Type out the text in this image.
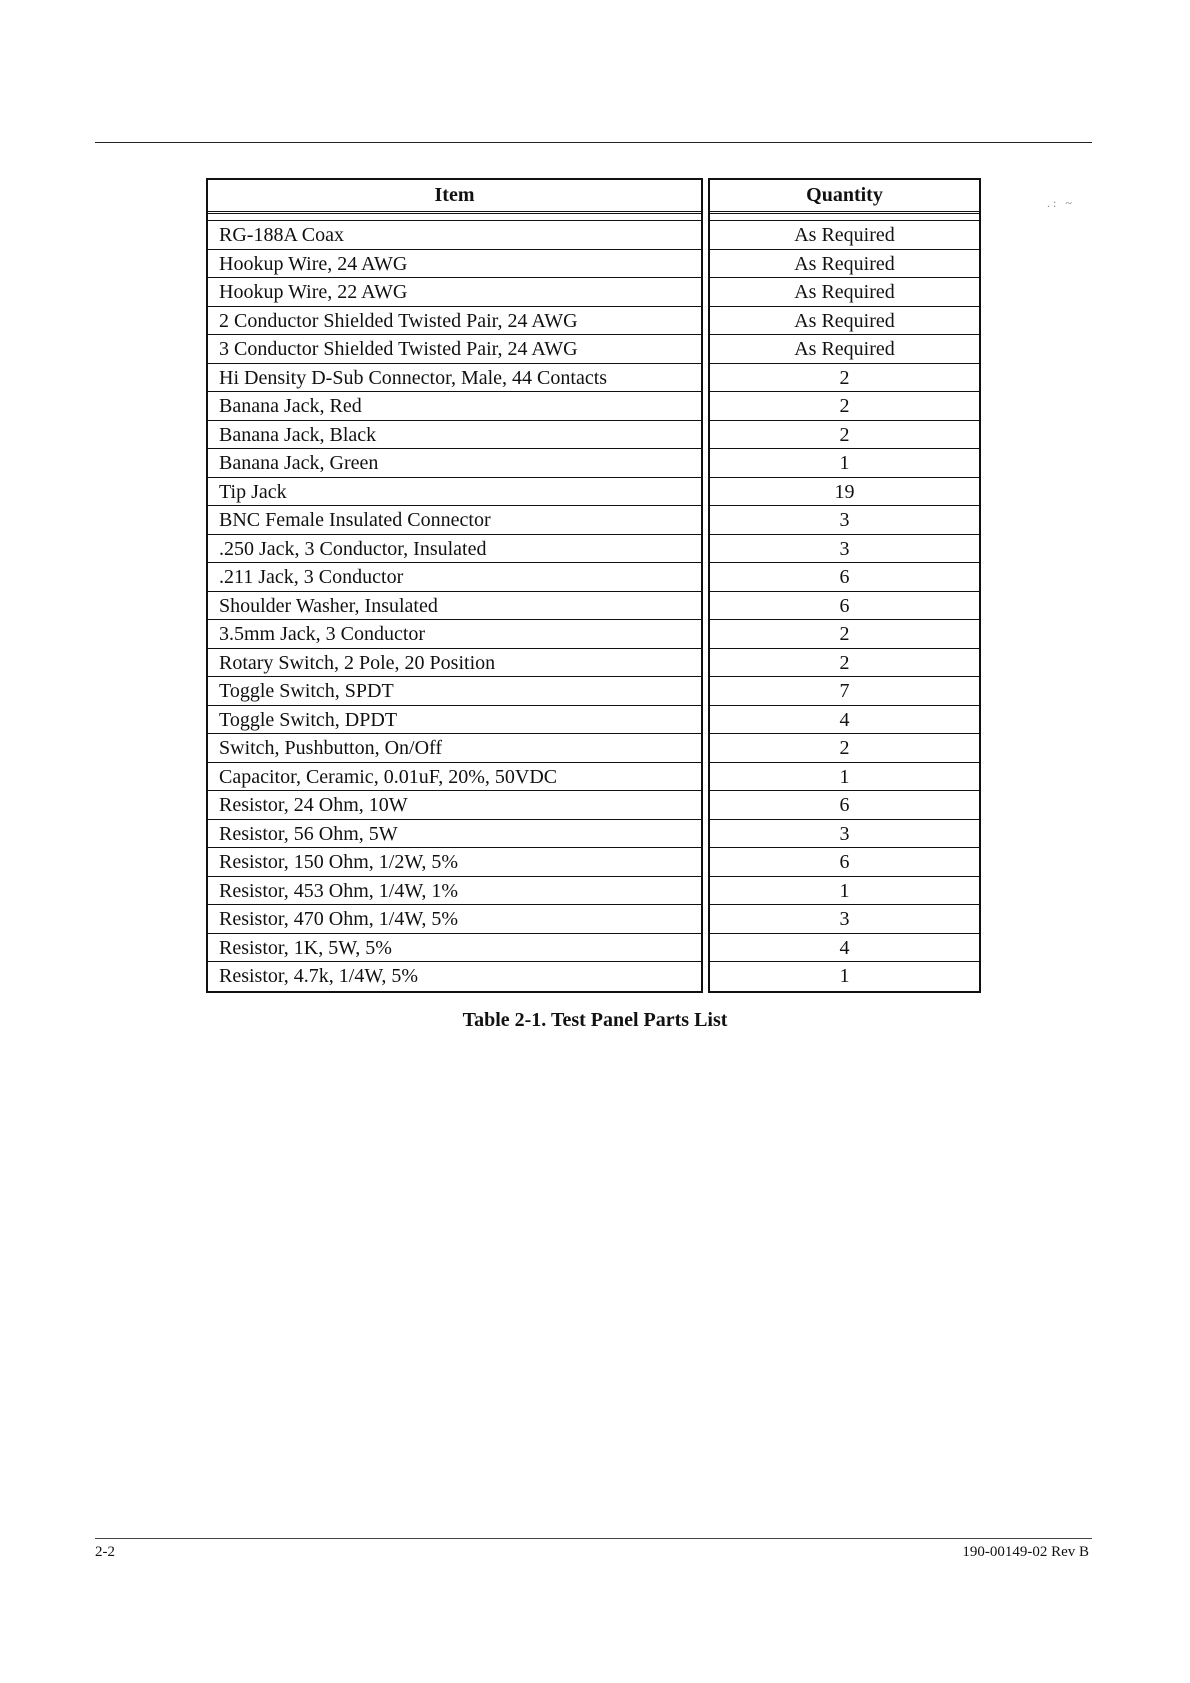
.: ~
Item
RG-188A Coax
Hookup Wire, 24 AWG
Hookup Wire, 22 AWG
2 Conductor Shielded Twisted Pair, 24 AWG
3 Conductor Shielded Twisted Pair, 24 AWG
Hi Density D-Sub Connector, Male, 44 Contacts
Banana Jack, Red
Banana Jack, Black
Banana Jack, Green
Tip Jack
BNC Female Insulated Connector
.250 Jack, 3 Conductor, Insulated
.211 Jack, 3 Conductor
Shoulder Washer, Insulated
3.5mm Jack, 3 Conductor
Rotary Switch, 2 Pole, 20 Position
Toggle Switch, SPDT
Toggle Switch, DPDT
Switch, Pushbutton, On/Off
Capacitor, Ceramic, 0.01uF, 20%, 50VDC
Resistor, 24 Ohm, 10W
Resistor, 56 Ohm, 5W
Resistor, 150 Ohm, 1/2W, 5%
Resistor, 453 Ohm, 1/4W, 1%
Resistor, 470 Ohm, 1/4W, 5%
Resistor, 1K, 5W, 5%
Resistor, 4.7k, 1/4W, 5%
Quantity
As Required
As Required
As Required
As Required
As Required
2
2
2
1
19
3
3
6
6
2
2
7
4
2
1
6
3
6
1
3
4
1
Table 2-1. Test Panel Parts List
2-2	190-00149-02 Rev B
